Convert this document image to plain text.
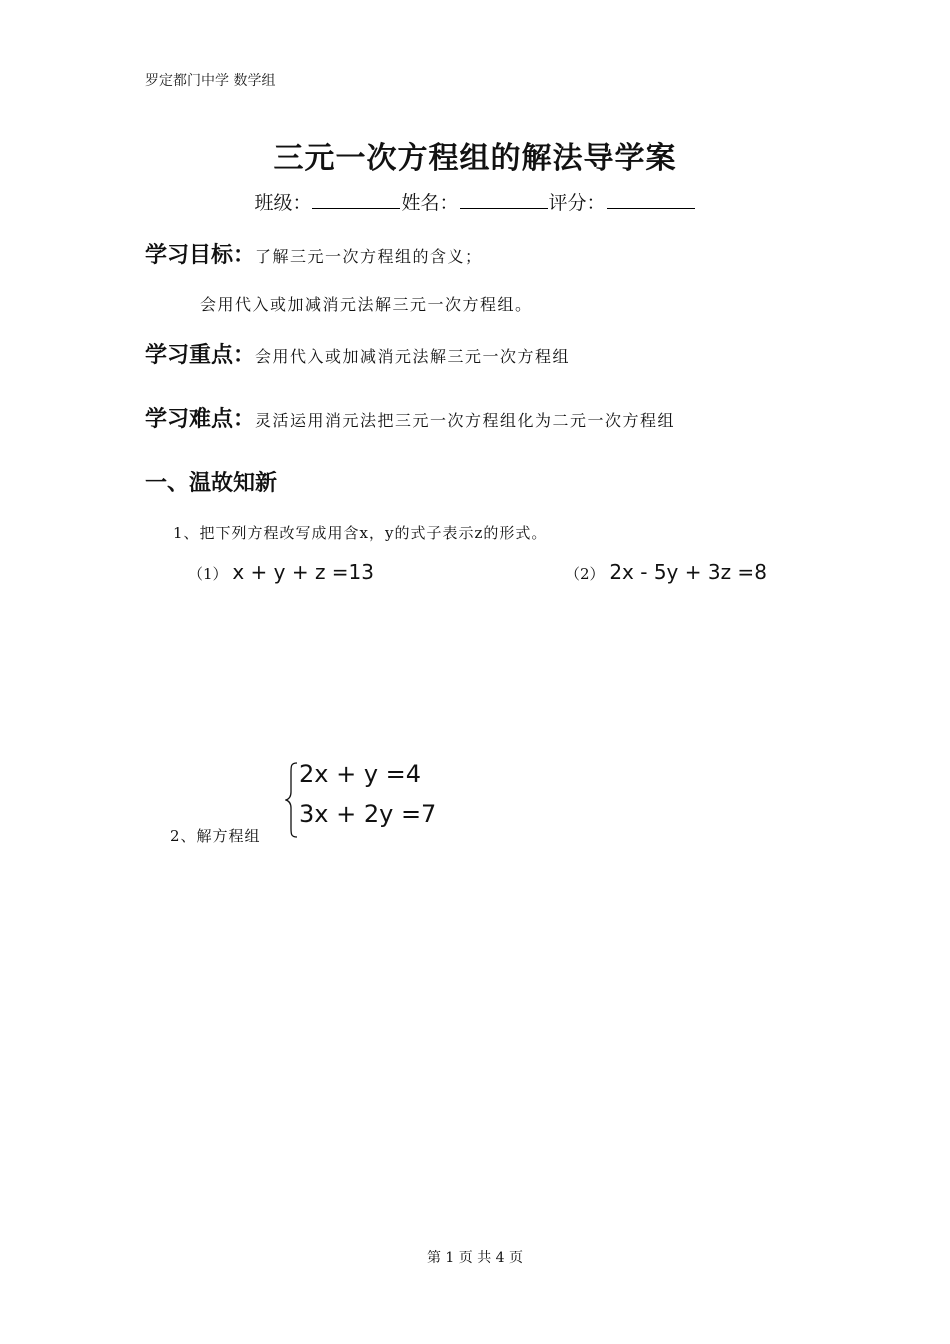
罗定都门中学 数学组
三元一次方程组的解法导学案
班级：	姓名：	评分：
学习目标：了解三元一次方程组的含义；
会用代入或加减消元法解三元一次方程组。
学习重点：会用代入或加减消元法解三元一次方程组
学习难点：灵活运用消元法把三元一次方程组化为二元一次方程组
一、温故知新
1、把下列方程改写成用含x，y的式子表示z的形式。
（1） x + y + z =13	（2） 2x - 5y + 3z =8
2、解方程组
2x + y =4
3x + 2y =7
第 1 页 共 4 页
